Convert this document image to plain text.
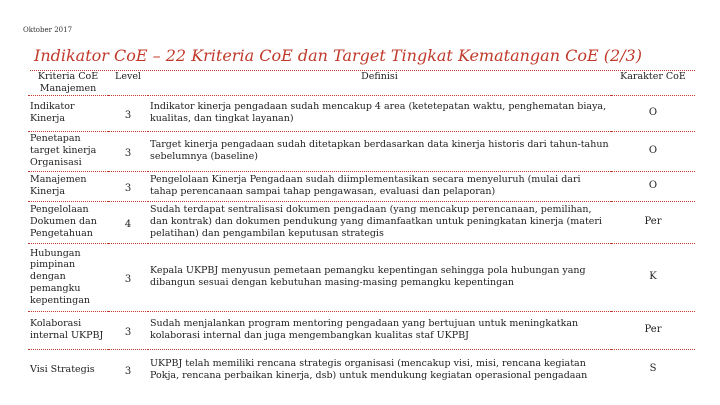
Oktober 2017
Indikator CoE – 22 Kriteria CoE dan Target Tingkat Kematangan CoE (2/3)
Kriteria CoE Manajemen	Level	Definisi	Karakter CoE
Indikator Kinerja	3	Indikator kinerja pengadaan sudah mencakup 4 area (ketetepatan waktu, penghematan biaya, kualitas, dan tingkat layanan)	O
Penetapan target kinerja Organisasi	3	Target kinerja pengadaan sudah ditetapkan berdasarkan data kinerja historis dari tahun-tahun sebelumnya (baseline)	O
Manajemen Kinerja	3	Pengelolaan Kinerja Pengadaan sudah diimplementasikan secara menyeluruh (mulai dari tahap perencanaan sampai tahap pengawasan, evaluasi dan pelaporan)	O
Pengelolaan Dokumen dan Pengetahuan	4	Sudah terdapat sentralisasi dokumen pengadaan (yang mencakup perencanaan, pemilihan, dan kontrak) dan dokumen pendukung yang dimanfaatkan untuk peningkatan kinerja (materi pelatihan) dan pengambilan keputusan strategis	Per
Hubungan pimpinan dengan pemangku kepentingan	3	Kepala UKPBJ menyusun pemetaan pemangku kepentingan sehingga pola hubungan yang dibangun sesuai dengan kebutuhan masing-masing pemangku kepentingan	K
Kolaborasi internal UKPBJ	3	Sudah menjalankan program mentoring pengadaan yang bertujuan untuk meningkatkan kolaborasi internal dan juga mengembangkan kualitas staf UKPBJ	Per
Visi Strategis	3	UKPBJ telah memiliki rencana strategis organisasi (mencakup visi, misi, rencana kegiatan Pokja, rencana perbaikan kinerja, dsb) untuk mendukung kegiatan operasional pengadaan	S
